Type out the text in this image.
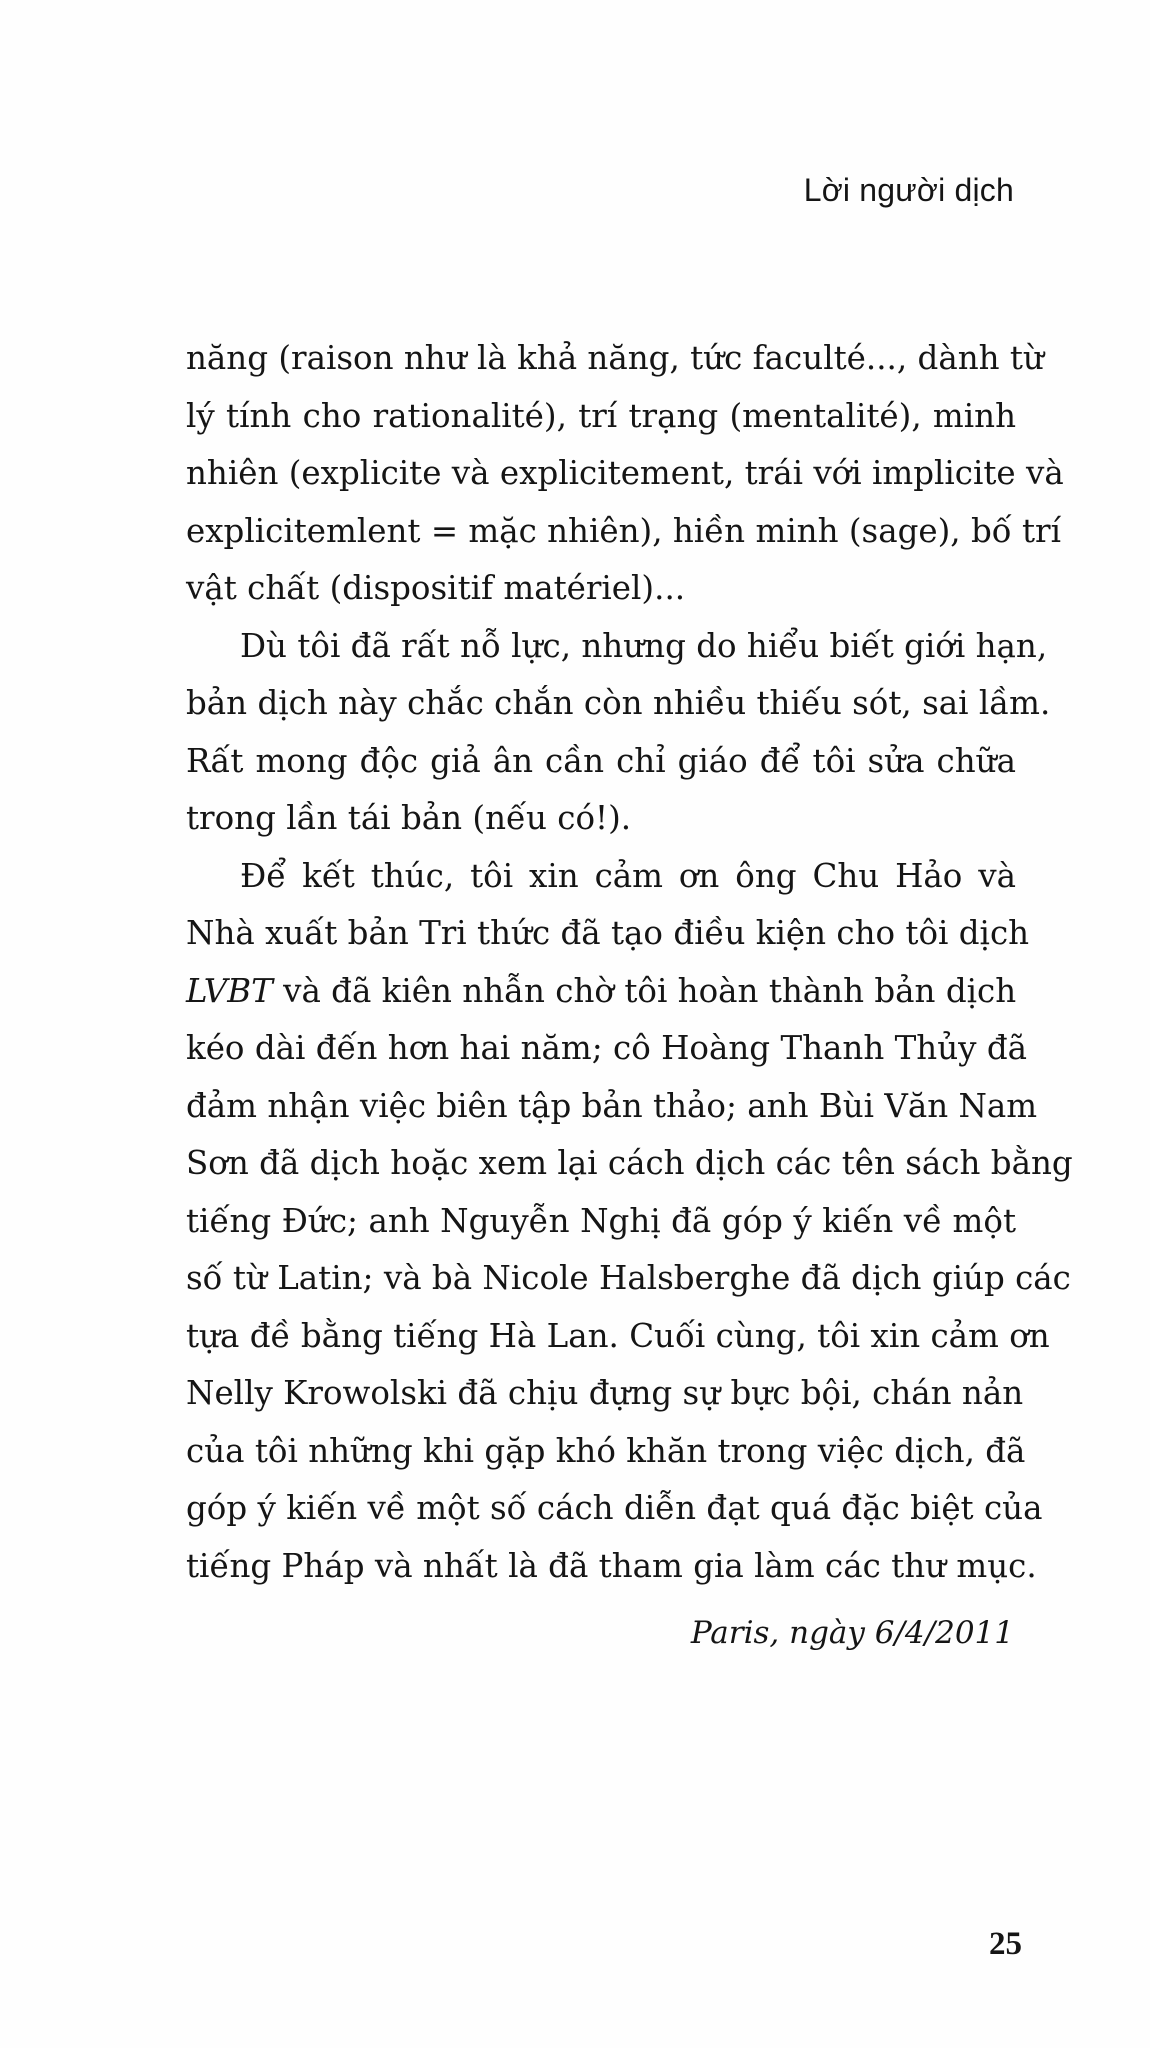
Lời người dịch
năng (raison như là khả năng, tức faculté..., dành từ
lý tính cho rationalité), trí trạng (mentalité), minh
nhiên (explicite và explicitement, trái với implicite và
explicitemlent = mặc nhiên), hiền minh (sage), bố trí
vật chất (dispositif matériel)...
Dù tôi đã rất nỗ lực, nhưng do hiểu biết giới hạn,
bản dịch này chắc chắn còn nhiều thiếu sót, sai lầm.
Rất mong độc giả ân cần chỉ giáo để tôi sửa chữa
trong lần tái bản (nếu có!).
Để kết thúc, tôi xin cảm ơn ông Chu Hảo và
Nhà xuất bản Tri thức đã tạo điều kiện cho tôi dịch
LVBT và đã kiên nhẫn chờ tôi hoàn thành bản dịch
kéo dài đến hơn hai năm; cô Hoàng Thanh Thủy đã
đảm nhận việc biên tập bản thảo; anh Bùi Văn Nam
Sơn đã dịch hoặc xem lại cách dịch các tên sách bằng
tiếng Đức; anh Nguyễn Nghị đã góp ý kiến về một
số từ Latin; và bà Nicole Halsberghe đã dịch giúp các
tựa đề bằng tiếng Hà Lan. Cuối cùng, tôi xin cảm ơn
Nelly Krowolski đã chịu đựng sự bực bội, chán nản
của tôi những khi gặp khó khăn trong việc dịch, đã
góp ý kiến về một số cách diễn đạt quá đặc biệt của
tiếng Pháp và nhất là đã tham gia làm các thư mục.
Paris, ngày 6/4/2011
25
